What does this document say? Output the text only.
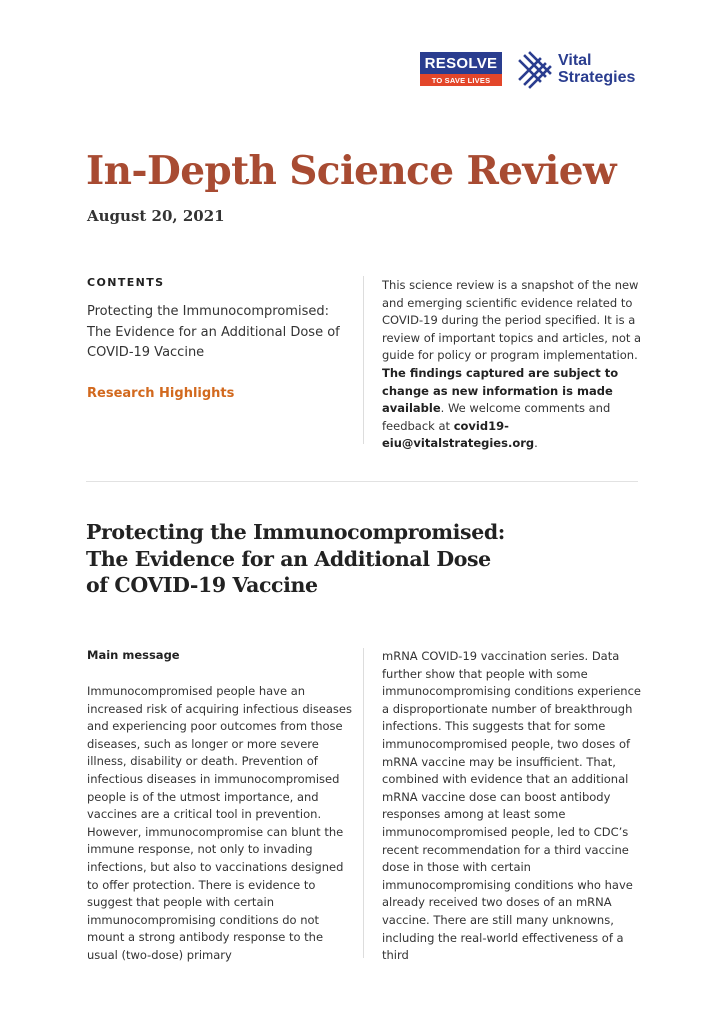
RESOLVE
TO SAVE LIVES
Vital
Strategies
In-Depth Science Review
August 20, 2021
CONTENTS
Protecting the Immunocompromised: The Evidence for an Additional Dose of COVID-19 Vaccine
Research Highlights
This science review is a snapshot of the new and emerging scientific evidence related to COVID-19 during the period specified. It is a review of important topics and articles, not a guide for policy or program implementation. The findings captured are subject to change as new information is made available. We welcome comments and feedback at covid19-eiu@vitalstrategies.org.
Protecting the Immunocompromised: The Evidence for an Additional Dose of COVID-19 Vaccine
Main message
Immunocompromised people have an increased risk of acquiring infectious diseases and experiencing poor outcomes from those diseases, such as longer or more severe illness, disability or death. Prevention of infectious diseases in immunocompromised people is of the utmost importance, and vaccines are a critical tool in prevention. However, immunocompromise can blunt the immune response, not only to invading infections, but also to vaccinations designed to offer protection. There is evidence to suggest that people with certain immunocompromising conditions do not mount a strong antibody response to the usual (two-dose) primary
mRNA COVID-19 vaccination series. Data further show that people with some immunocompromising conditions experience a disproportionate number of breakthrough infections. This suggests that for some immunocompromised people, two doses of mRNA vaccine may be insufficient. That, combined with evidence that an additional mRNA vaccine dose can boost antibody responses among at least some immunocompromised people, led to CDC’s recent recommendation for a third vaccine dose in those with certain immunocompromising conditions who have already received two doses of an mRNA vaccine. There are still many unknowns, including the real-world effectiveness of a third
